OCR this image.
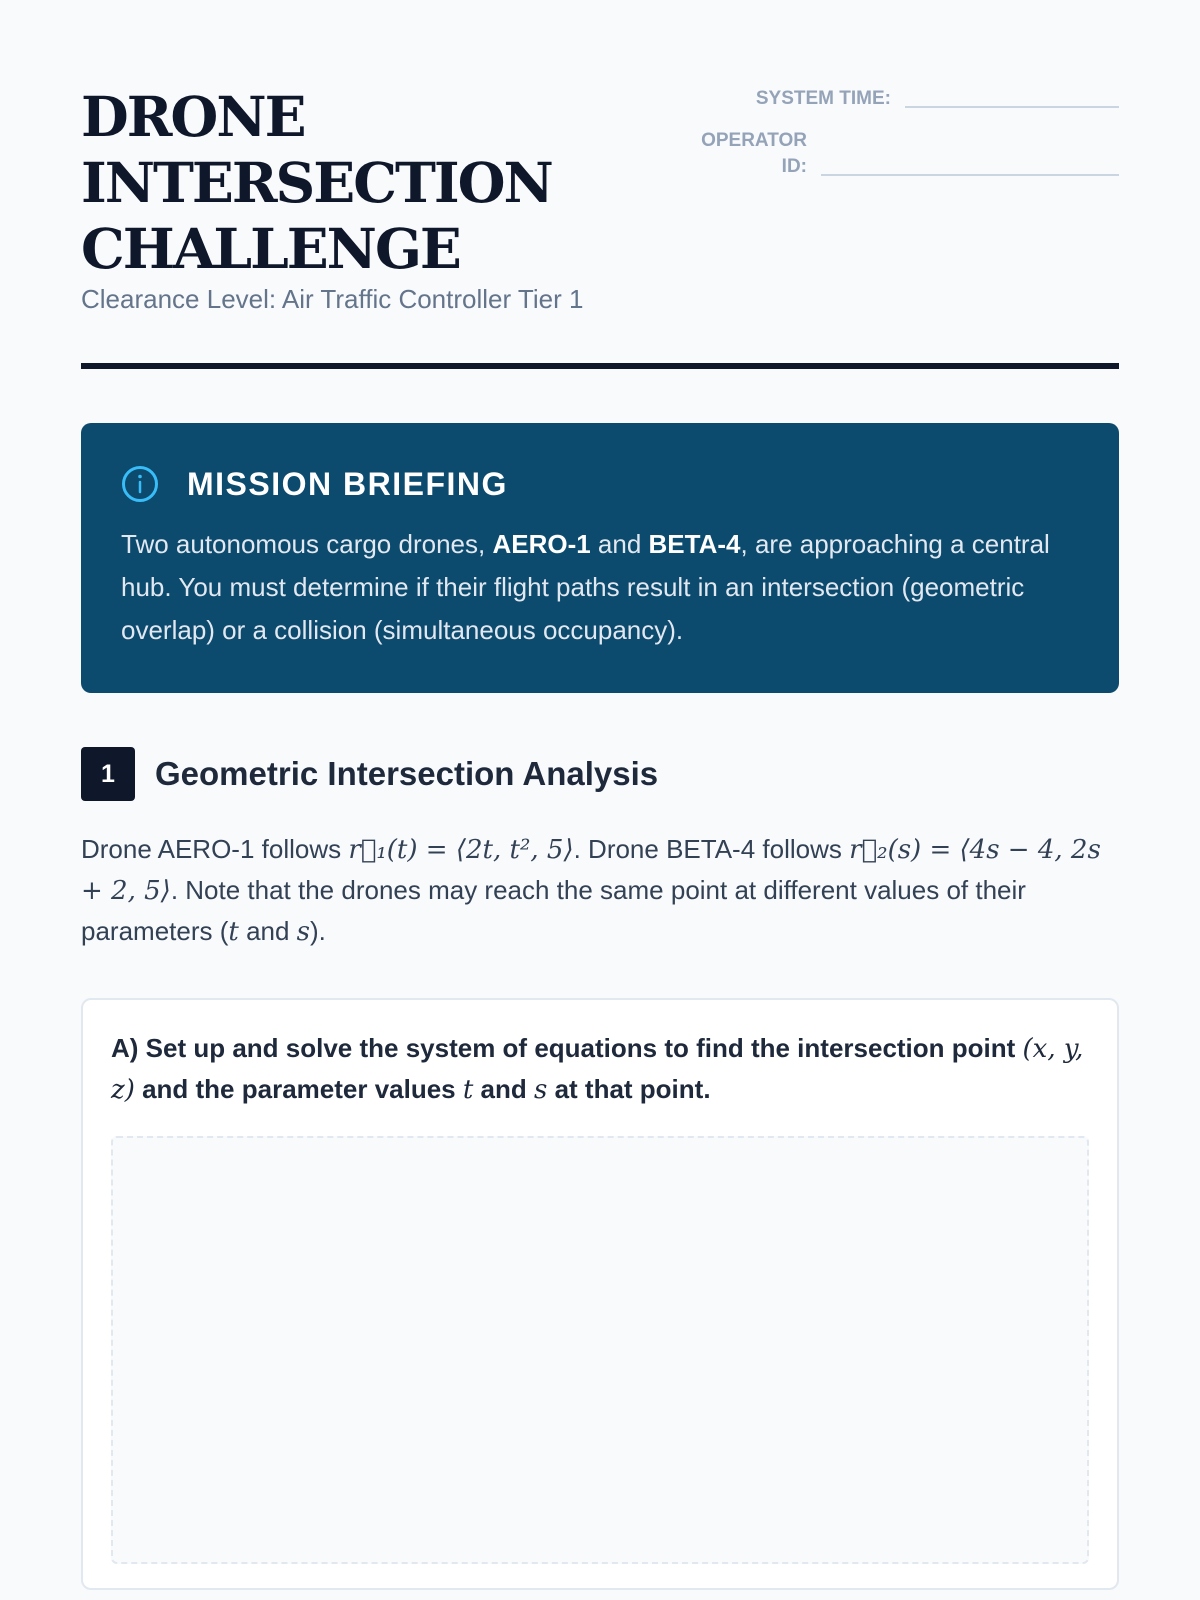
DRONE
INTERSECTION
CHALLENGE

Clearance Level: Air Traffic Controller Tier 1

SYSTEM TIME:
OPERATOR ID:
MISSION BRIEFING

Two autonomous cargo drones, AERO-1 and BETA-4, are approaching a central hub. You must determine if their flight paths result in an intersection (geometric overlap) or a collision (simultaneous occupancy).

1	Geometric Intersection Analysis

Drone AERO-1 follows r⃗₁(t) = ⟨2t, t², 5⟩. Drone BETA-4 follows r⃗₂(s) = ⟨4s − 4, 2s + 2, 5⟩. Note that the drones may reach the same point at different values of their parameters (t and s).

A) Set up and solve the system of equations to find the intersection point (x, y, z) and the parameter values t and s at that point.
